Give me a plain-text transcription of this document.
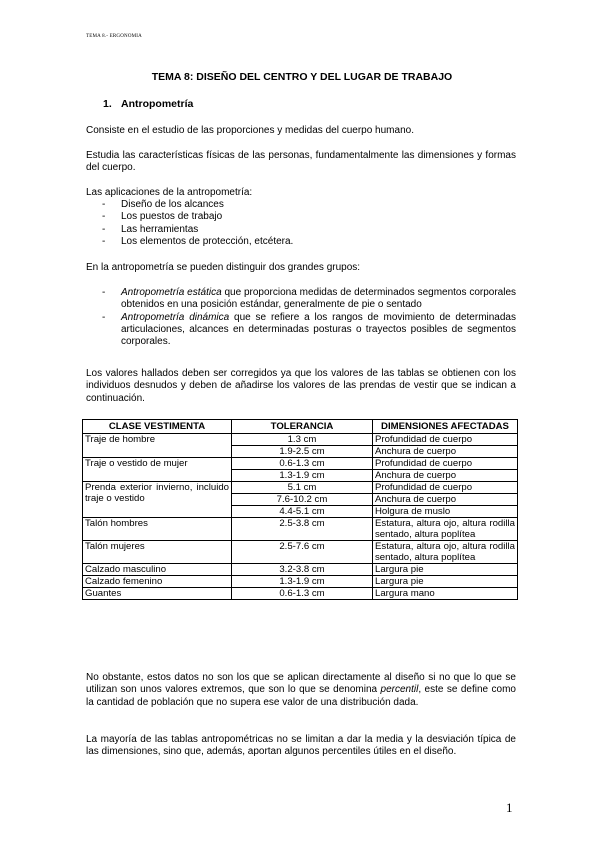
TEMA 8.- ERGONOMIA
TEMA 8: DISEÑO DEL CENTRO Y DEL LUGAR DE TRABAJO
1. Antropometría

Consiste en el estudio de las proporciones y medidas del cuerpo humano.

Estudia las características físicas de las personas, fundamentalmente las dimensiones y formas del cuerpo.

Las aplicaciones de la antropometría:

- Diseño de los alcances
- Los puestos de trabajo
- Las herramientas
- Los elementos de protección, etcétera.

En la antropometría se pueden distinguir dos grandes grupos:

- Antropometría estática que proporciona medidas de determinados segmentos corporales obtenidos en una posición estándar, generalmente de pie o sentado
- Antropometría dinámica que se refiere a los rangos de movimiento de determinadas articulaciones, alcances en determinadas posturas o trayectos posibles de segmentos corporales.

Los valores hallados deben ser corregidos ya que los valores de las tablas se obtienen con los individuos desnudos y deben de añadirse los valores de las prendas de vestir que se indican a continuación.

CLASE VESTIMENTA	TOLERANCIA	DIMENSIONES AFECTADAS
Traje de hombre	1.3 cm	Profundidad de cuerpo
	1.9-2.5 cm	Anchura de cuerpo
Traje o vestido de mujer	0.6-1.3 cm	Profundidad de cuerpo
	1.3-1.9 cm	Anchura de cuerpo
Prenda exterior invierno, incluido traje o vestido	5.1 cm	Profundidad de cuerpo
	7.6-10.2 cm	Anchura de cuerpo
	4.4-5.1 cm	Holgura de muslo
Talón hombres	2.5-3.8 cm	Estatura, altura ojo, altura rodilla sentado, altura poplítea
Talón mujeres	2.5-7.6 cm	Estatura, altura ojo, altura rodilla sentado, altura poplítea
Calzado masculino	3.2-3.8 cm	Largura pie
Calzado femenino	1.3-1.9 cm	Largura pie
Guantes	0.6-1.3 cm	Largura mano

No obstante, estos datos no son los que se aplican directamente al diseño si no que lo que se utilizan son unos valores extremos, que son lo que se denomina percentil, este se define como la cantidad de población que no supera ese valor de una distribución dada.

La mayoría de las tablas antropométricas no se limitan a dar la media y la desviación típica de las dimensiones, sino que, además, aportan algunos percentiles útiles en el diseño.

1
